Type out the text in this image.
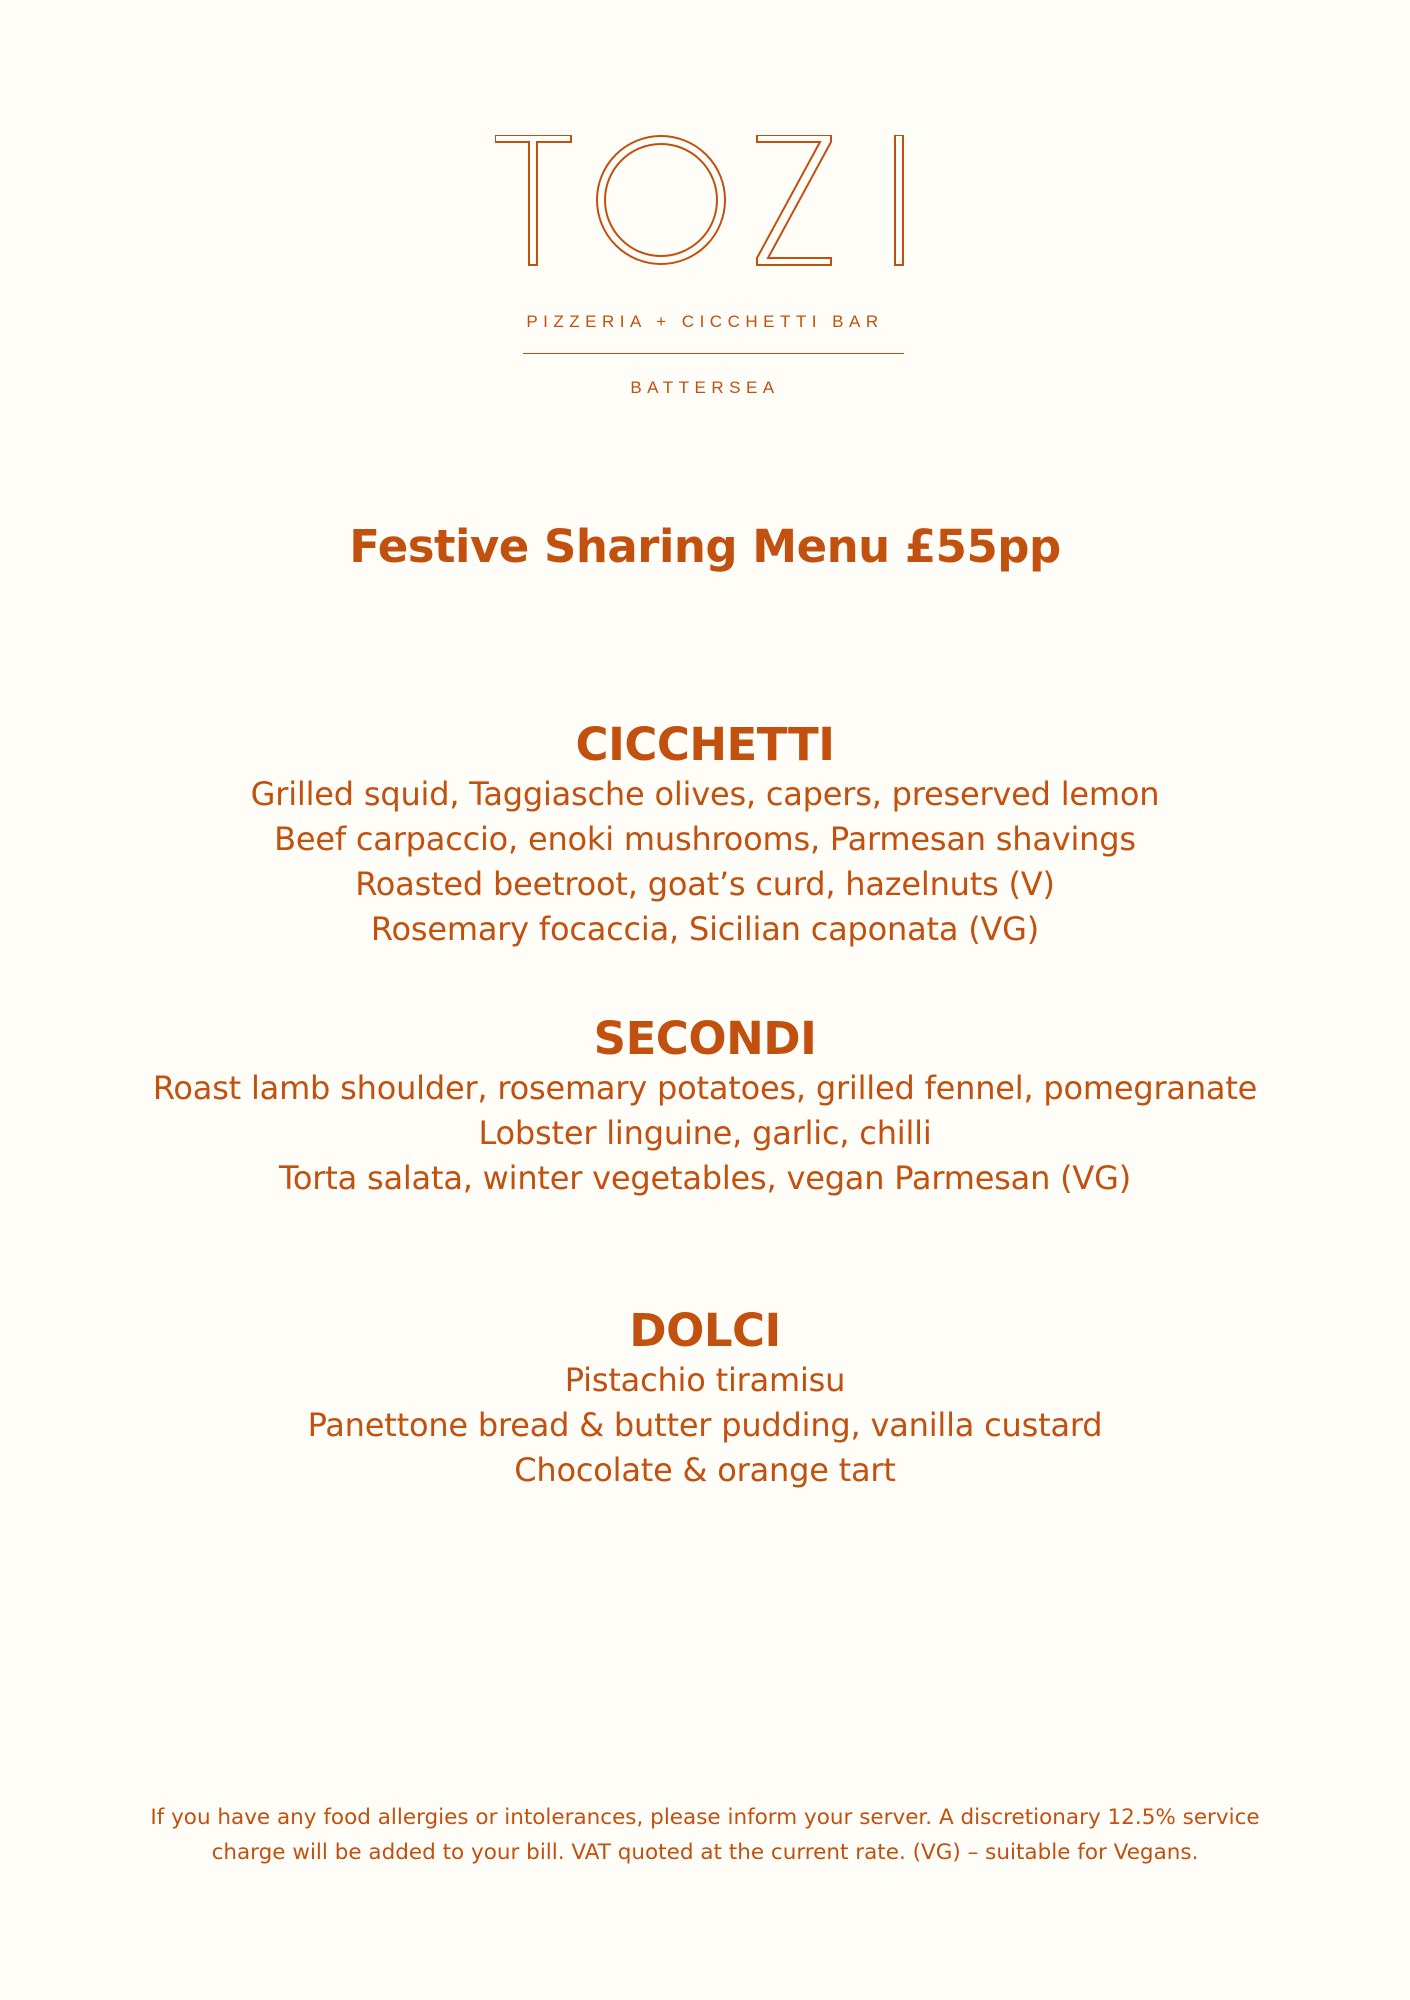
PIZZERIA + CICCHETTI BAR
BATTERSEA
Festive Sharing Menu £55pp
CICCHETTI
Grilled squid, Taggiasche olives, capers, preserved lemon
Beef carpaccio, enoki mushrooms, Parmesan shavings
Roasted beetroot, goat’s curd, hazelnuts (V)
Rosemary focaccia, Sicilian caponata (VG)
SECONDI
Roast lamb shoulder, rosemary potatoes, grilled fennel, pomegranate
Lobster linguine, garlic, chilli
Torta salata, winter vegetables, vegan Parmesan (VG)
DOLCI
Pistachio tiramisu
Panettone bread & butter pudding, vanilla custard
Chocolate & orange tart
If you have any food allergies or intolerances, please inform your server. A discretionary 12.5% service
charge will be added to your bill. VAT quoted at the current rate. (VG) – suitable for Vegans.
